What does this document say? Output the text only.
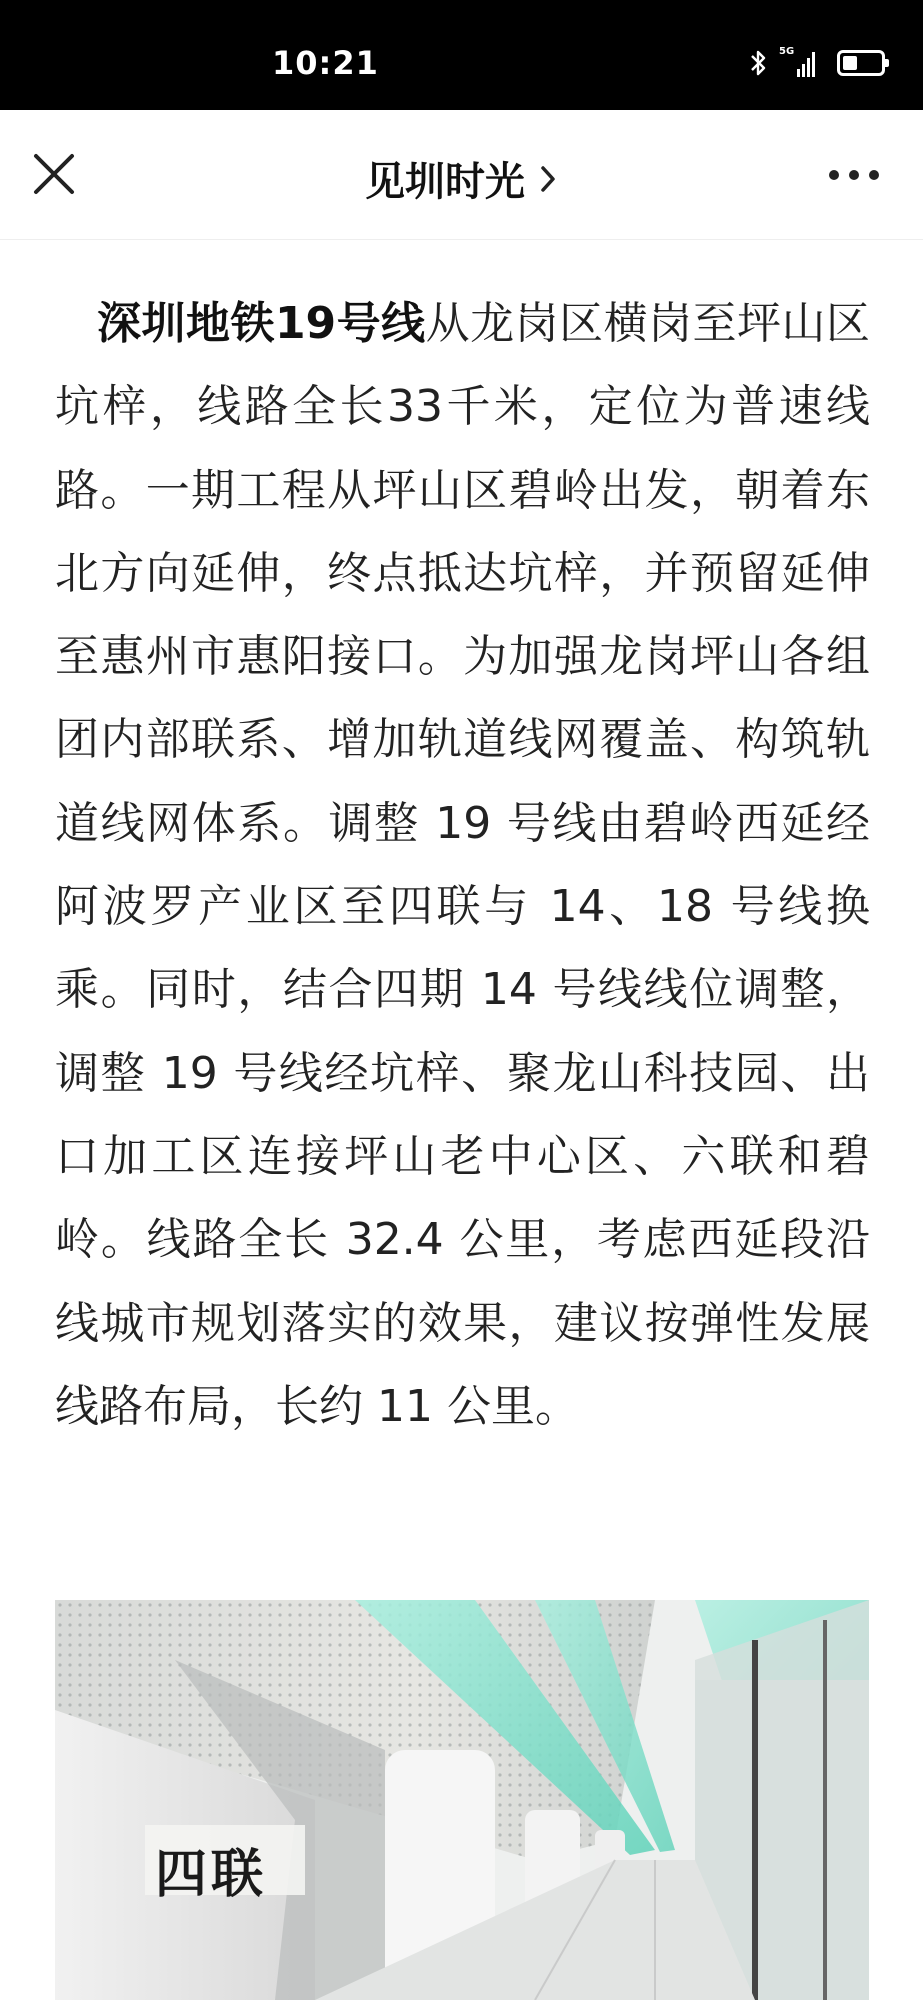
10:21	5G
见圳时光
深圳地铁19号线从龙岗区横岗至坪山区坑梓，线路全长33千米，定位为普速线路。一期工程从坪山区碧岭出发，朝着东北方向延伸，终点抵达坑梓，并预留延伸至惠州市惠阳接口。为加强龙岗坪山各组团内部联系、增加轨道线网覆盖、构筑轨道线网体系。调整 19 号线由碧岭西延经阿波罗产业区至四联与 14、18 号线换乘。同时，结合四期 14 号线线位调整，调整 19 号线经坑梓、聚龙山科技园、出口加工区连接坪山老中心区、六联和碧岭。线路全长 32.4 公里，考虑西延段沿线城市规划落实的效果，建议按弹性发展线路布局，长约 11 公里。
四联
